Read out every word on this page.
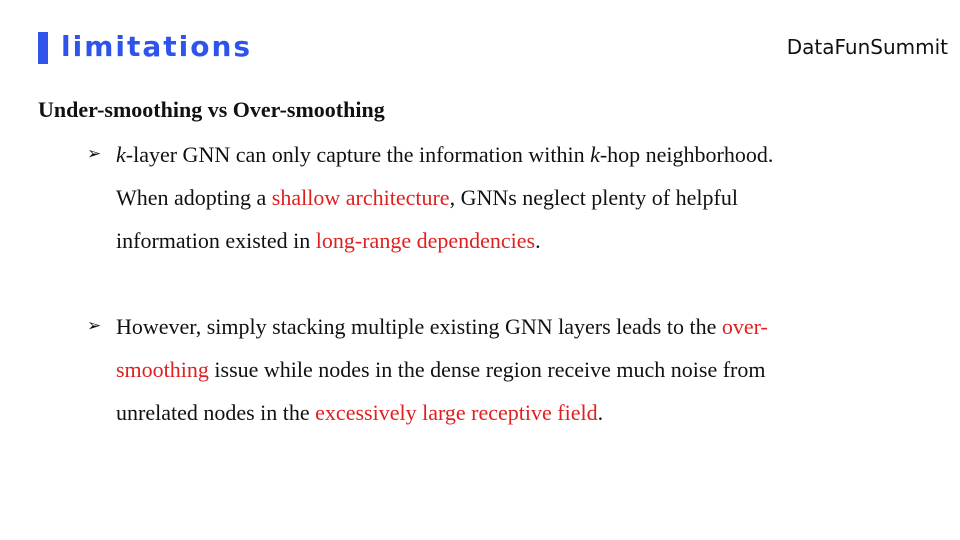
limitations	DataFunSummit
Under-smoothing vs Over-smoothing
➢ k-layer GNN can only capture the information within k-hop neighborhood.
When adopting a shallow architecture, GNNs neglect plenty of helpful
information existed in long-range dependencies.
➢ However, simply stacking multiple existing GNN layers leads to the over-
smoothing issue while nodes in the dense region receive much noise from
unrelated nodes in the excessively large receptive field.
